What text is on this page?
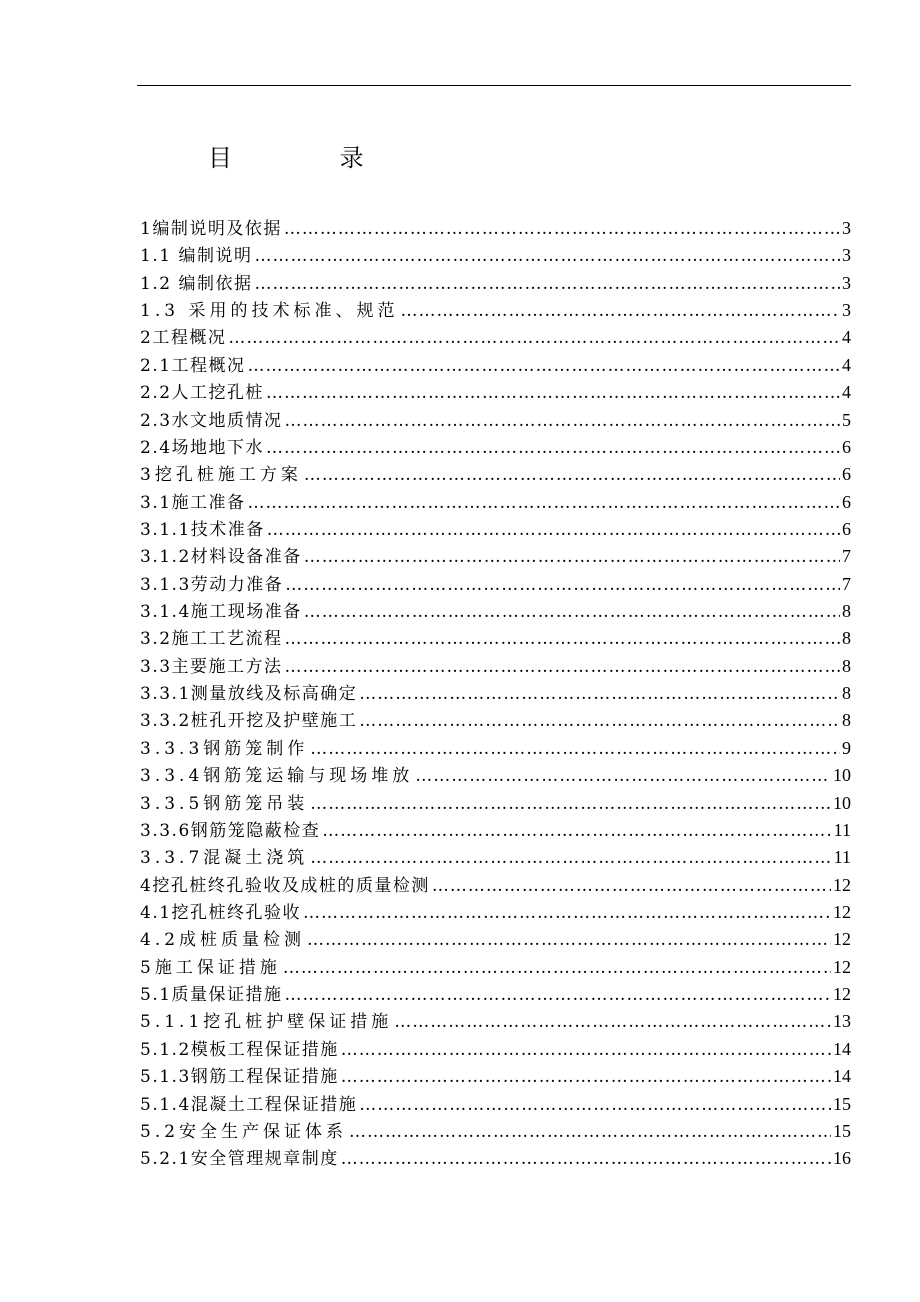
目 录
1编制说明及依据 ……………………………………………………………………………………………………………………………………………………………………………………	3
1.1 编制说明 ……………………………………………………………………………………………………………………………………………………………………………………	3
1.2 编制依据 ……………………………………………………………………………………………………………………………………………………………………………………	3
1.3 采用的技术标准、规范 ……………………………………………………………………………………………………………………………………………………………………………………	3
2工程概况 ……………………………………………………………………………………………………………………………………………………………………………………	4
2.1工程概况 ……………………………………………………………………………………………………………………………………………………………………………………	4
2.2人工挖孔桩 ……………………………………………………………………………………………………………………………………………………………………………………	4
2.3水文地质情况 ……………………………………………………………………………………………………………………………………………………………………………………	5
2.4场地地下水 ……………………………………………………………………………………………………………………………………………………………………………………	6
3挖孔桩施工方案 ……………………………………………………………………………………………………………………………………………………………………………………	6
3.1施工准备 ……………………………………………………………………………………………………………………………………………………………………………………	6
3.1.1技术准备 ……………………………………………………………………………………………………………………………………………………………………………………	6
3.1.2材料设备准备 ……………………………………………………………………………………………………………………………………………………………………………………	7
3.1.3劳动力准备 ……………………………………………………………………………………………………………………………………………………………………………………	7
3.1.4施工现场准备 ……………………………………………………………………………………………………………………………………………………………………………………	8
3.2施工工艺流程 ……………………………………………………………………………………………………………………………………………………………………………………	8
3.3主要施工方法 ……………………………………………………………………………………………………………………………………………………………………………………	8
3.3.1测量放线及标高确定 ……………………………………………………………………………………………………………………………………………………………………………………	8
3.3.2桩孔开挖及护壁施工 ……………………………………………………………………………………………………………………………………………………………………………………	8
3.3.3钢筋笼制作 ……………………………………………………………………………………………………………………………………………………………………………………	9
3.3.4钢筋笼运输与现场堆放 ……………………………………………………………………………………………………………………………………………………………………………………	10
3.3.5钢筋笼吊装 ……………………………………………………………………………………………………………………………………………………………………………………	10
3.3.6钢筋笼隐蔽检查 ……………………………………………………………………………………………………………………………………………………………………………………	11
3.3.7混凝土浇筑 ……………………………………………………………………………………………………………………………………………………………………………………	11
4挖孔桩终孔验收及成桩的质量检测 ……………………………………………………………………………………………………………………………………………………………………………………	12
4.1挖孔桩终孔验收 ……………………………………………………………………………………………………………………………………………………………………………………	12
4.2成桩质量检测 ……………………………………………………………………………………………………………………………………………………………………………………	12
5施工保证措施 ……………………………………………………………………………………………………………………………………………………………………………………	12
5.1质量保证措施 ……………………………………………………………………………………………………………………………………………………………………………………	12
5.1.1挖孔桩护壁保证措施 ……………………………………………………………………………………………………………………………………………………………………………………	13
5.1.2模板工程保证措施 ……………………………………………………………………………………………………………………………………………………………………………………	14
5.1.3钢筋工程保证措施 ……………………………………………………………………………………………………………………………………………………………………………………	14
5.1.4混凝土工程保证措施 ……………………………………………………………………………………………………………………………………………………………………………………	15
5.2安全生产保证体系 ……………………………………………………………………………………………………………………………………………………………………………………	15
5.2.1安全管理规章制度 ……………………………………………………………………………………………………………………………………………………………………………………	16
